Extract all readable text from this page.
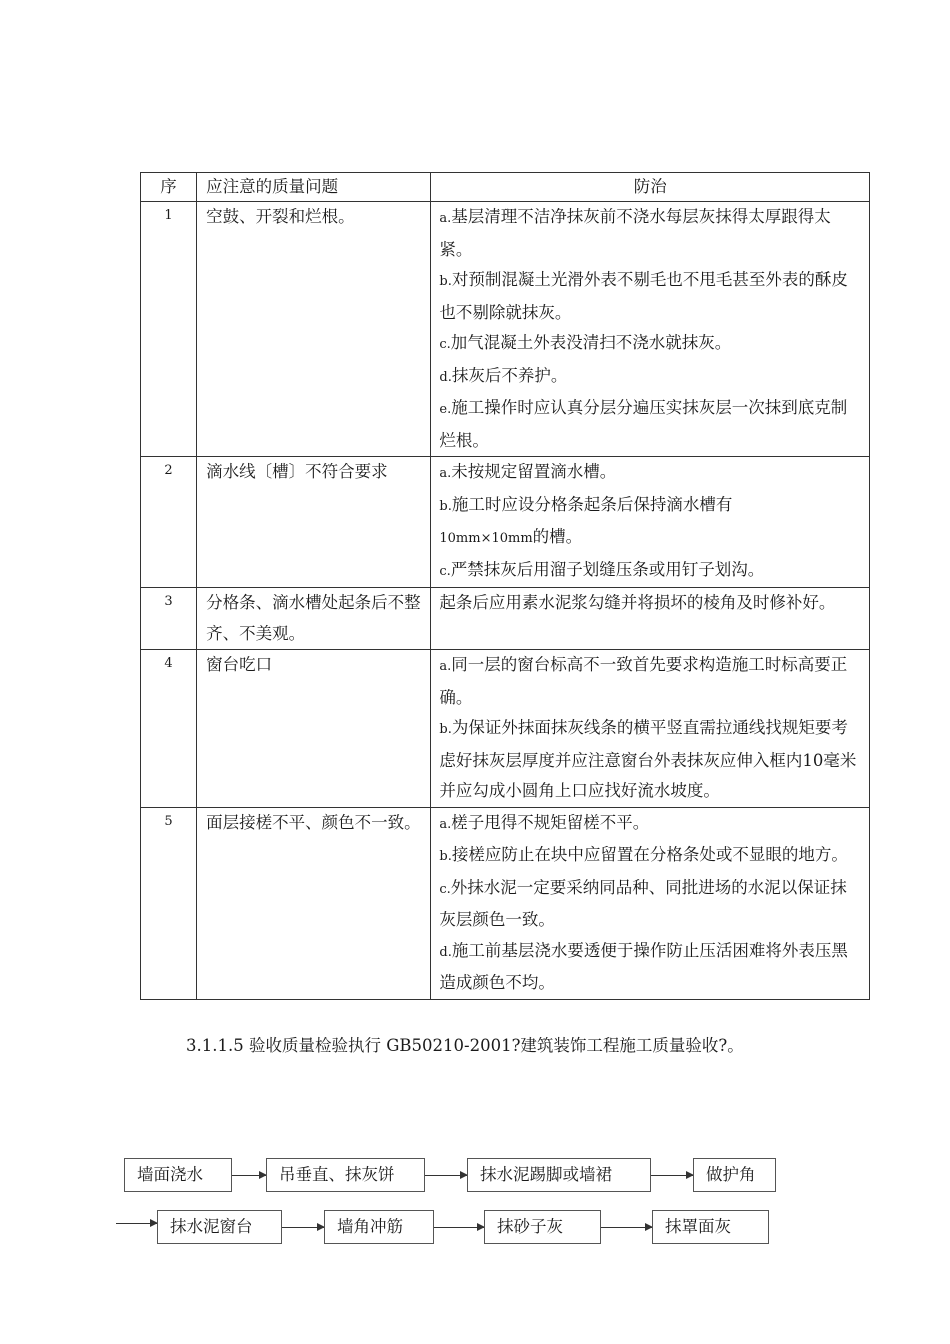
序	应注意的质量问题	防治
1	空鼓、开裂和烂根。	a.基层清理不洁净抹灰前不浇水每层灰抹得太厚跟得太紧。
b.对预制混凝土光滑外表不剔毛也不甩毛甚至外表的酥皮也不剔除就抹灰。
c.加气混凝土外表没清扫不浇水就抹灰。
d.抹灰后不养护。
e.施工操作时应认真分层分遍压实抹灰层一次抹到底克制烂根。

2	滴水线〔槽〕不符合要求	a.未按规定留置滴水槽。
b.施工时应设分格条起条后保持滴水槽有
10mm×10mm的槽。
c.严禁抹灰后用溜子划缝压条或用钉子划沟。

3	分格条、滴水槽处起条后不整齐、不美观。	起条后应用素水泥浆勾缝并将损坏的棱角及时修补好。

4	窗台吃口	a.同一层的窗台标高不一致首先要求构造施工时标高要正确。
b.为保证外抹面抹灰线条的横平竖直需拉通线找规矩要考虑好抹灰层厚度并应注意窗台外表抹灰应伸入框内10毫米并应勾成小圆角上口应找好流水坡度。

5	面层接槎不平、颜色不一致。	a.槎子甩得不规矩留槎不平。
b.接槎应防止在块中应留置在分格条处或不显眼的地方。
c.外抹水泥一定要采纳同品种、同批进场的水泥以保证抹灰层颜色一致。
d.施工前基层浇水要透便于操作防止压活困难将外表压黑造成颜色不均。
3.1.1.5 验收质量检验执行 GB50210-2001?建筑装饰工程施工质量验收?。
墙面浇水	吊垂直、抹灰饼	抹水泥踢脚或墙裙	做护角
抹水泥窗台	墙角冲筋	抹砂子灰	抹罩面灰
